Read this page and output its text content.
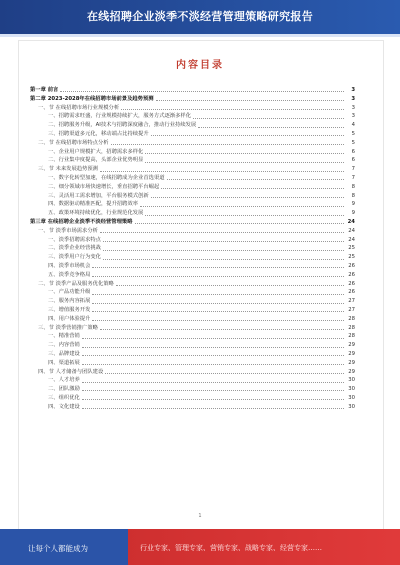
在线招聘企业淡季不淡经营管理策略研究报告
内容目录
第一章 前言	3
第二章 2023-2028年在线招聘市场前景及趋势预测	3
一、节 在线招聘市场行业规模分析	3
一、招聘需求旺盛，行业规模持续扩大，服务方式逐渐多样化	3
二、招聘服务升级，AI技术与招聘深度融合，推动行业持续发展	4
三、招聘渠道多元化，移动端占比持续提升	5
二、节 在线招聘市场特点分析	5
一、企业用户规模扩大，招聘需求多样化	6
二、行业集中度提高，头部企业优势明显	6
三、节 未来发展趋势预测	7
一、数字化转型加速，在线招聘成为企业首选渠道	7
二、细分领域市场快速增长，垂直招聘平台崛起	8
三、灵活用工需求增加，平台服务模式创新	8
四、数据驱动精准匹配，提升招聘效率	9
五、政策环境持续优化，行业规范化发展	9
第三章 在线招聘企业淡季不淡经营管理策略	24
一、节 淡季市场需求分析	24
一、淡季招聘需求特点	24
二、淡季企业经营挑战	25
三、淡季用户行为变化	25
四、淡季市场机会	26
五、淡季竞争格局	26
二、节 淡季产品及服务优化策略	26
一、产品功能升级	26
二、服务内容拓展	27
三、增值服务开发	27
四、用户体验提升	28
三、节 淡季营销推广策略	28
一、精准营销	28
二、内容营销	29
三、品牌建设	29
四、渠道拓展	29
四、节 人才储备与团队建设	29
一、人才培养	30
二、团队激励	30
三、组织优化	30
四、文化建设	30
1
让每个人都能成为	行业专家、管理专家、营销专家、战略专家、经营专家……
